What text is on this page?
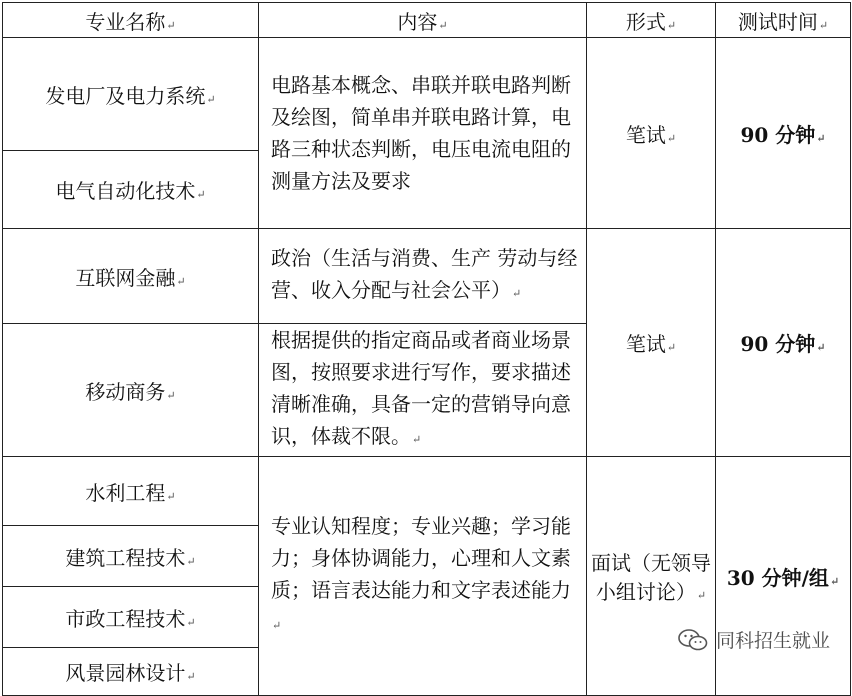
专业名称↵	内容↵	形式↵	测试时间↵
发电厂及电力系统↵	电路基本概念、串联并联电路判断及绘图，简单串并联电路计算，电路三种状态判断，电压电流电阻的测量方法及要求	笔试↵	90 分钟↵
电气自动化技术↵			
互联网金融↵	政治（生活与消费、生产 劳动与经营、收入分配与社会公平）↵	笔试↵	90 分钟↵
移动商务↵	根据提供的指定商品或者商业场景图，按照要求进行写作，要求描述清晰准确，具备一定的营销导向意识，体裁不限。↵		
水利工程↵	专业认知程度；专业兴趣；学习能力；身体协调能力，心理和人文素质；语言表达能力和文字表述能力↵	面试（无领导小组讨论）↵	30 分钟/组↵
建筑工程技术↵			
市政工程技术↵			
风景园林设计↵			
同科招生就业
